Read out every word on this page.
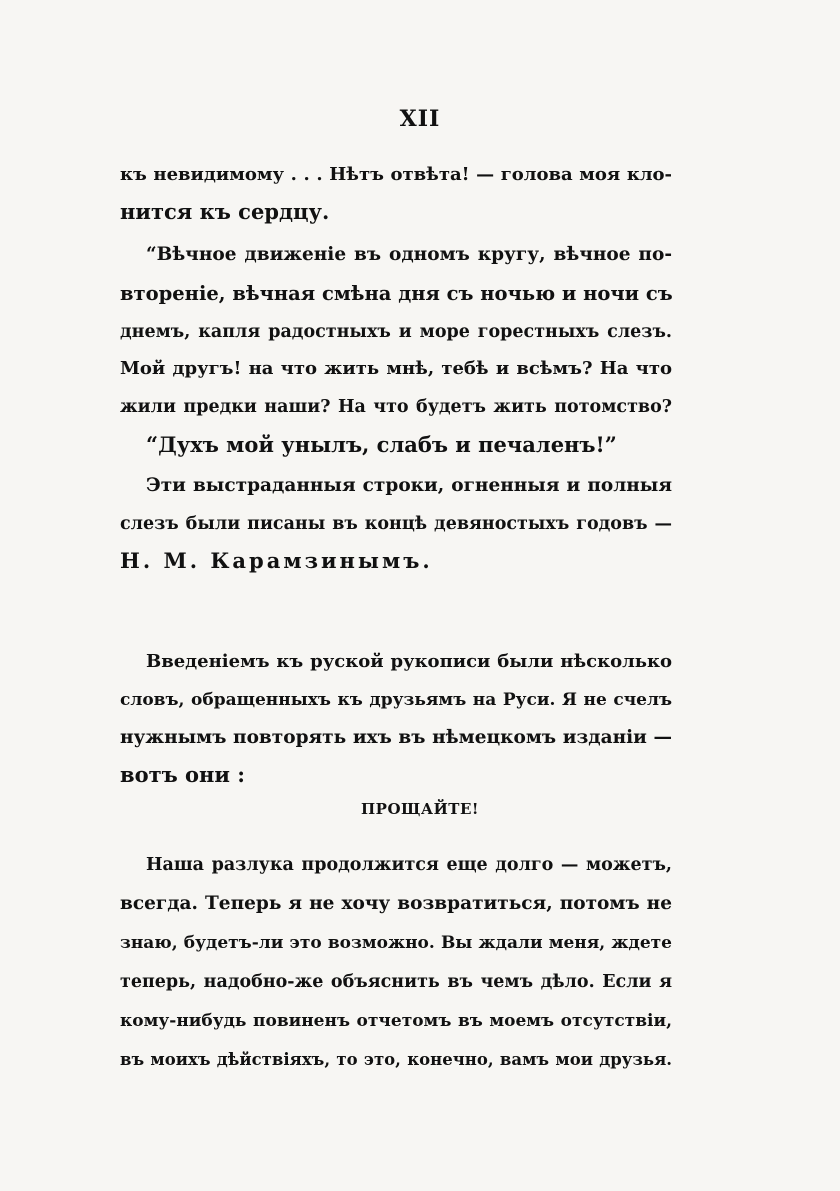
XII
къ невидимому . . . Нѣтъ отвѣта! — голова моя кло-
нится къ сердцу.
“Вѣчное движеніе въ одномъ кругу, вѣчное по-
втореніе, вѣчная смѣна дня съ ночью и ночи съ
днемъ, капля радостныхъ и море горестныхъ слезъ.
Мой другъ! на что жить мнѣ, тебѣ и всѣмъ? На что
жили предки наши? На что будетъ жить потомство?
“Духъ мой унылъ, слабъ и печаленъ!”
Эти выстраданныя строки, огненныя и полныя
слезъ были писаны въ концѣ девяностыхъ годовъ —
Н. М. Карамзинымъ.
Введеніемъ къ руской рукописи были нѣсколько
словъ, обращенныхъ къ друзьямъ на Руси. Я не счелъ
нужнымъ повторять ихъ въ нѣмецкомъ изданіи —
вотъ они :
ПРОЩАЙТЕ!
Наша разлука продолжится еще долго — можетъ,
всегда. Теперь я не хочу возвратиться, потомъ не
знаю, будетъ-ли это возможно. Вы ждали меня, ждете
теперь, надобно-же объяснить въ чемъ дѣло. Если я
кому-нибудь повиненъ отчетомъ въ моемъ отсутствіи,
въ моихъ дѣйствіяхъ, то это, конечно, вамъ мои друзья.
